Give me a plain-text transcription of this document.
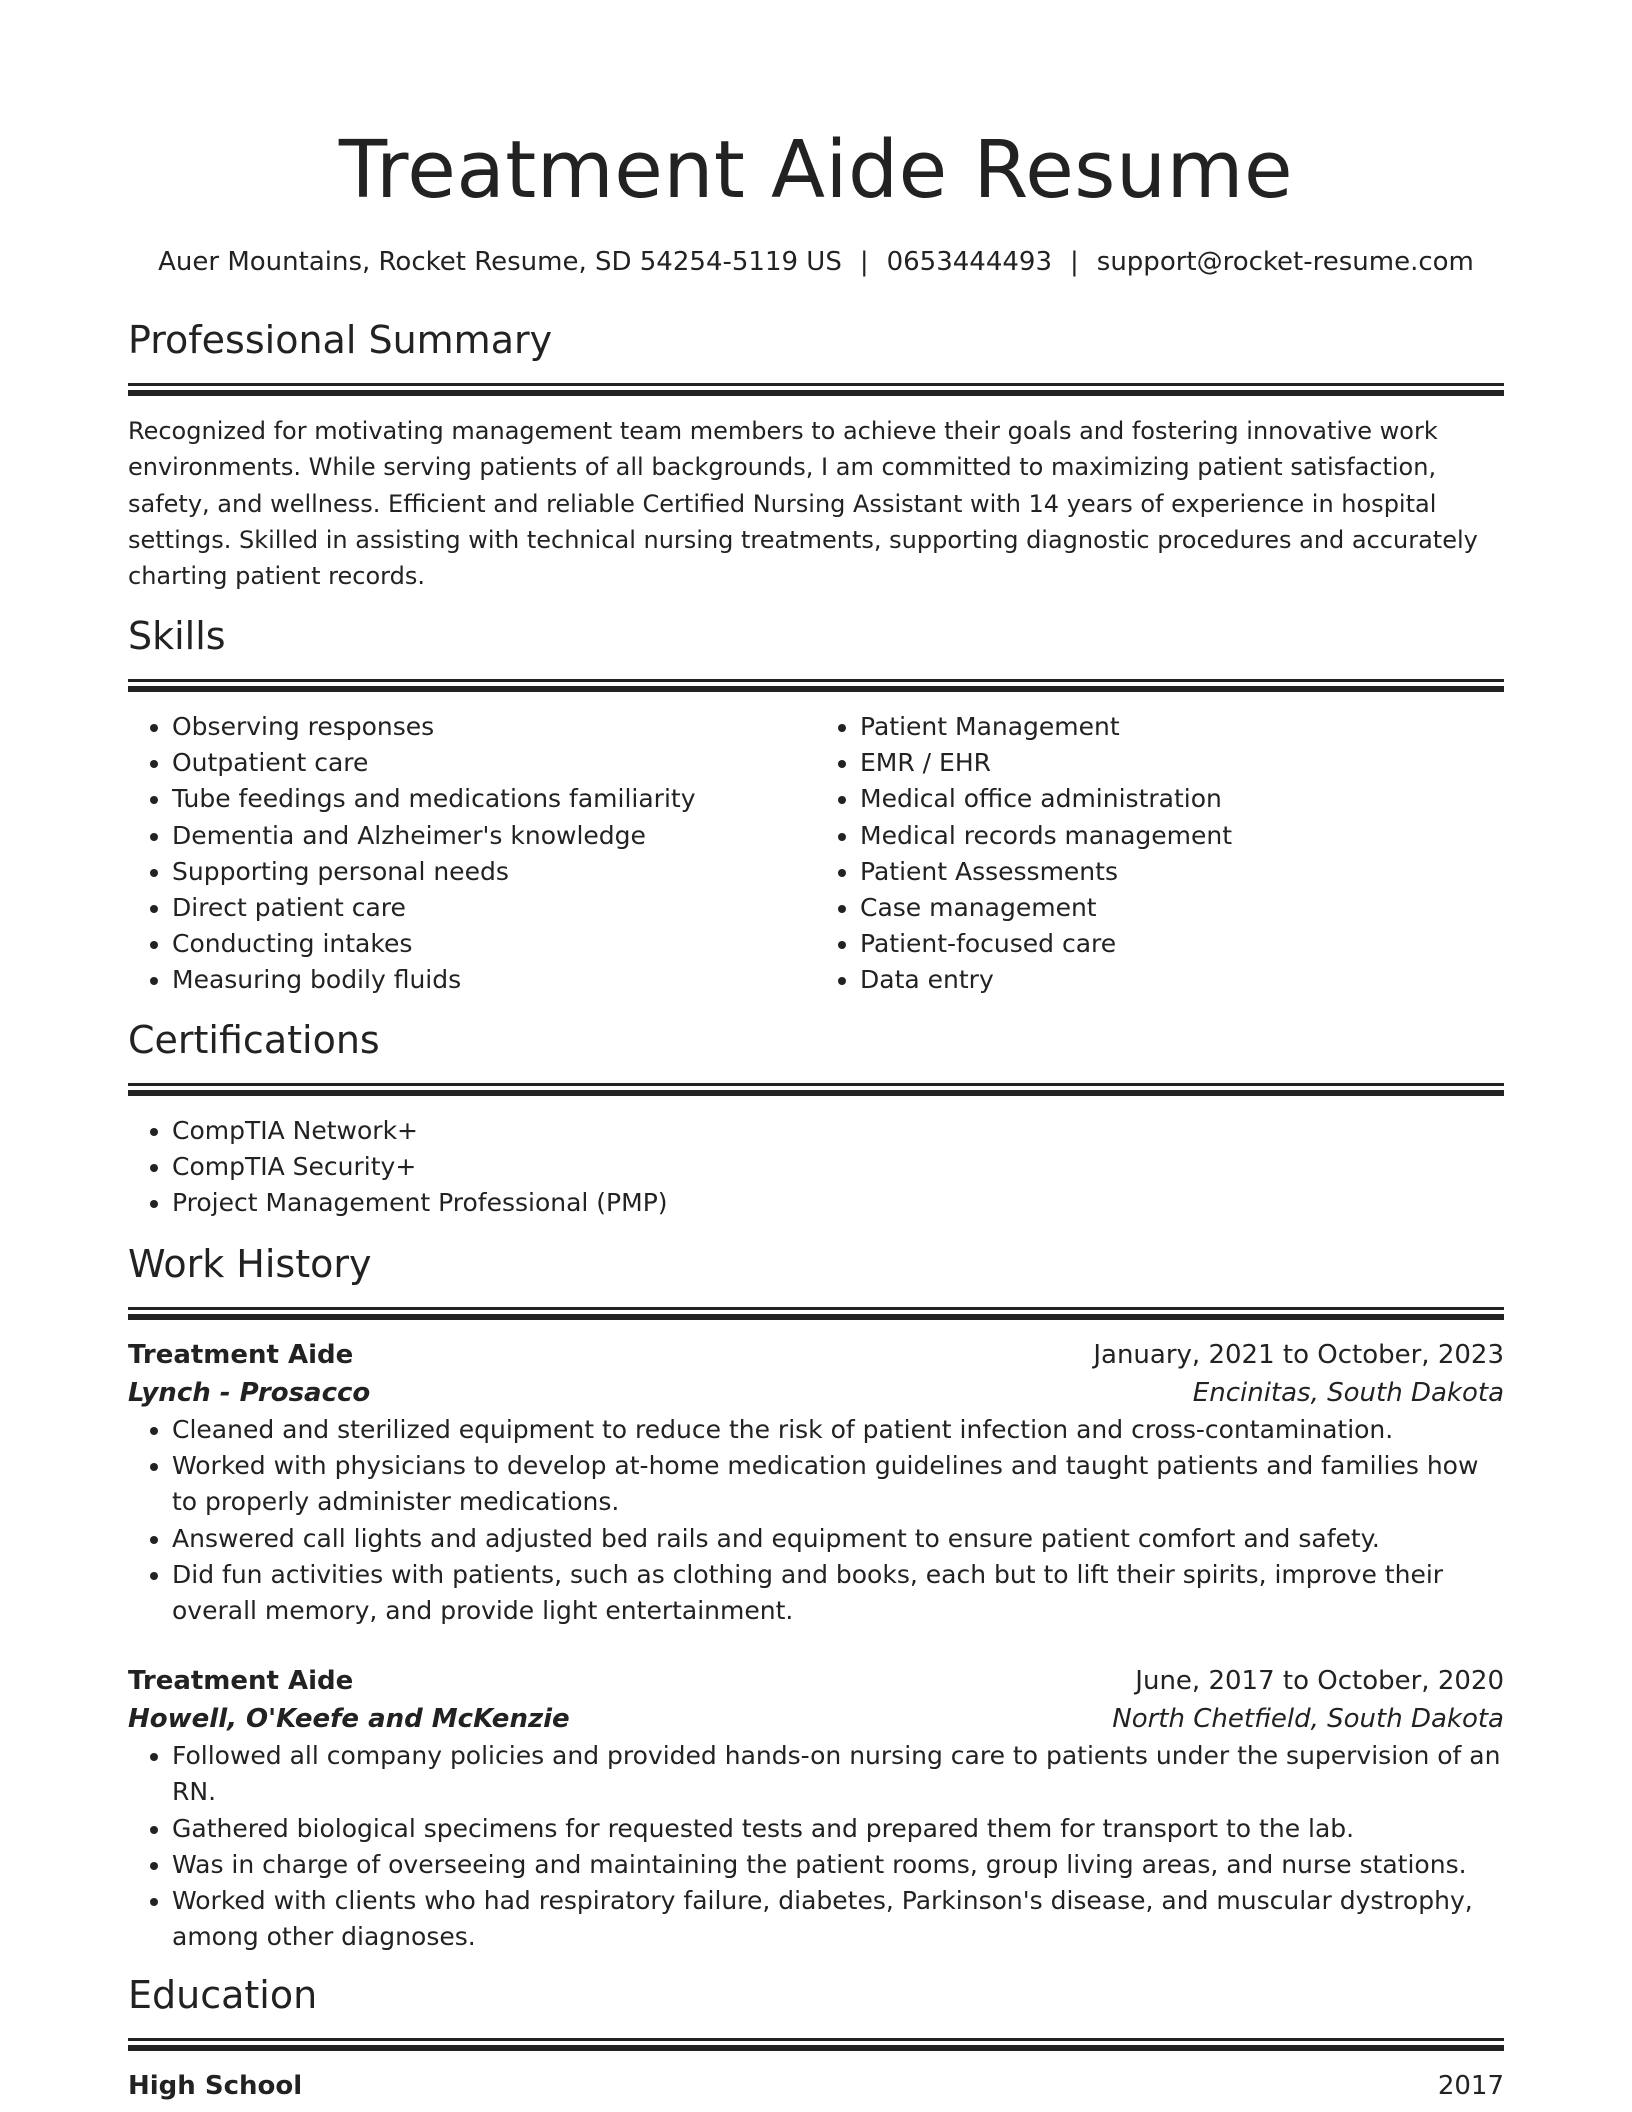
Treatment Aide Resume
Auer Mountains, Rocket Resume, SD 54254-5119 US | 0653444493 | support@rocket-resume.com
Professional Summary
Recognized for motivating management team members to achieve their goals and fostering innovative work environments. While serving patients of all backgrounds, I am committed to maximizing patient satisfaction, safety, and wellness. Efficient and reliable Certified Nursing Assistant with 14 years of experience in hospital settings. Skilled in assisting with technical nursing treatments, supporting diagnostic procedures and accurately charting patient records.
Skills
• Observing responses
• Outpatient care
• Tube feedings and medications familiarity
• Dementia and Alzheimer's knowledge
• Supporting personal needs
• Direct patient care
• Conducting intakes
• Measuring bodily fluids
• Patient Management
• EMR / EHR
• Medical office administration
• Medical records management
• Patient Assessments
• Case management
• Patient-focused care
• Data entry
Certifications
• CompTIA Network+
• CompTIA Security+
• Project Management Professional (PMP)
Work History
Treatment Aide	January, 2021 to October, 2023
Lynch - Prosacco	Encinitas, South Dakota
• Cleaned and sterilized equipment to reduce the risk of patient infection and cross-contamination.
• Worked with physicians to develop at-home medication guidelines and taught patients and families how to properly administer medications.
• Answered call lights and adjusted bed rails and equipment to ensure patient comfort and safety.
• Did fun activities with patients, such as clothing and books, each but to lift their spirits, improve their overall memory, and provide light entertainment.
Treatment Aide	June, 2017 to October, 2020
Howell, O'Keefe and McKenzie	North Chetfield, South Dakota
• Followed all company policies and provided hands-on nursing care to patients under the supervision of an RN.
• Gathered biological specimens for requested tests and prepared them for transport to the lab.
• Was in charge of overseeing and maintaining the patient rooms, group living areas, and nurse stations.
• Worked with clients who had respiratory failure, diabetes, Parkinson's disease, and muscular dystrophy, among other diagnoses.
Education
High School	2017
